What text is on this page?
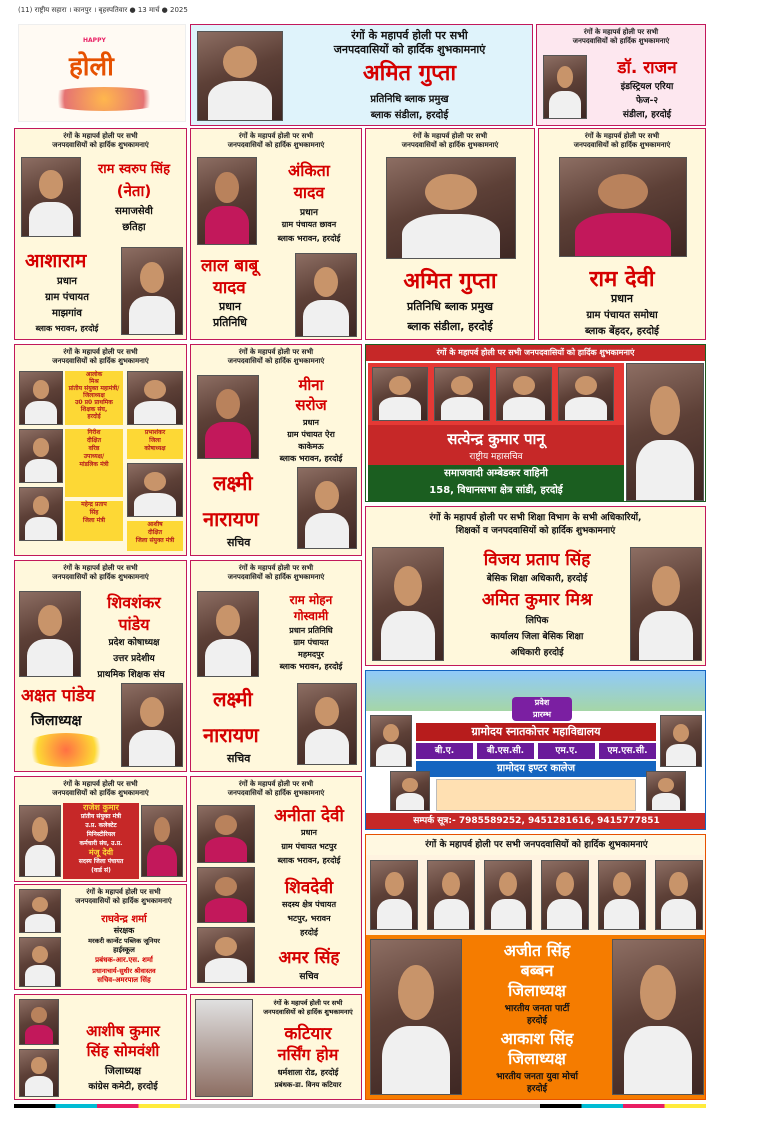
(11) राष्ट्रीय सहारा । कानपुर । बृहस्पतिवार ● 13 मार्च ● 2025
HAPPY
होली
रंगों के महापर्व होली पर सभी
जनपदवासियों को हार्दिक शुभकामनाएं
अमित गुप्ता
प्रतिनिधि ब्लाक प्रमुख
ब्लाक संडीला, हरदोई
रंगों के महापर्व होली पर सभी
जनपदवासियों को हार्दिक शुभकामनाएं
डॉ. राजन
इंडस्ट्रियल एरिया
फेज-२
संडीला, हरदोई
रंगों के महापर्व होली पर सभी
जनपदवासियों को हार्दिक शुभकामनाएं
राम स्वरुप सिंह
(नेता)
समाजसेवी
छतिहा
आशाराम
प्रधान
ग्राम पंचायत
माझगांव
ब्लाक भरावन, हरदोई
रंगों के महापर्व होली पर सभी
जनपदवासियों को हार्दिक शुभकामनाएं
अंकिता
यादव
प्रधान
ग्राम पंचायत छावन
ब्लाक भरावन, हरदोई
लाल बाबू
यादव
प्रधान
प्रतिनिधि
रंगों के महापर्व होली पर सभी
जनपदवासियों को हार्दिक शुभकामनाएं
अमित गुप्ता
प्रतिनिधि ब्लाक प्रमुख
ब्लाक संडीला, हरदोई
रंगों के महापर्व होली पर सभी
जनपदवासियों को हार्दिक शुभकामनाएं
राम देवी
प्रधान
ग्राम पंचायत समोधा
ब्लाक बेंहदर, हरदोई
रंगों के महापर्व होली पर सभी
जनपदवासियों को हार्दिक शुभकामनाएं
आलोक
मिश्र
प्रांतीय संयुक्त महामंत्री/
जिलाध्यक्ष
उ0 प्र0 प्राथमिक
शिक्षक संघ,
हरदोई
प्रभाशंकर
जिला
कोषाध्यक्ष
गिरीश
दीक्षित
वरिष्ठ
उपाध्यक्ष/
मांडलिक मंत्री
महेन्द्र प्रताप
सिंह
जिला मंत्री
आशीष
दीक्षित
जिला संयुक्त मंत्री
रंगों के महापर्व होली पर सभी
जनपदवासियों को हार्दिक शुभकामनाएं
मीना
सरोज
प्रधान
ग्राम पंचायत ऐरा
काकेमऊ
ब्लाक भरावन, हरदोई
लक्ष्मी
नारायण
सचिव
रंगों के महापर्व होली पर सभी जनपदवासियों को हार्दिक शुभकामनाएं
सत्येन्द्र कुमार पानू
राष्ट्रीय महासचिव
समाजवादी अम्बेडकर वाहिनी
158, विधानसभा क्षेत्र सांडी, हरदोई
रंगों के महापर्व होली पर सभी शिक्षा विभाग के सभी अधिकारियों,
शिक्षकों व जनपदवासियों को हार्दिक शुभकामनाएं
विजय प्रताप सिंह
बेसिक शिक्षा अधिकारी, हरदोई
अमित कुमार मिश्र
लिपिक
कार्यालय जिला बेसिक शिक्षा
अधिकारी हरदोई
रंगों के महापर्व होली पर सभी
जनपदवासियों को हार्दिक शुभकामनाएं
शिवशंकर
पांडेय
प्रदेश कोषाध्यक्ष
उत्तर प्रदेशीय
प्राथमिक शिक्षक संघ
अक्षत पांडेय
जिलाध्यक्ष
रंगों के महापर्व होली पर सभी
जनपदवासियों को हार्दिक शुभकामनाएं
राम मोहन
गोस्वामी
प्रधान प्रतिनिधि
ग्राम पंचायत
महमदपुर
ब्लाक भरावन, हरदोई
लक्ष्मी
नारायण
सचिव
प्रवेश
प्रारम्भ
ग्रामोदय स्नातकोत्तर महाविद्यालय
बी.ए.	बी.एस.सी.	एम.ए.	एम.एस.सी.
ग्रामोदय इण्टर कालेज
सम्पर्क सूत्र:- 7985589252, 9451281616, 9415777851
रंगों के महापर्व होली पर सभी
जनपदवासियों को हार्दिक शुभकामनाएं
राजेश कुमार
प्रांतीय संयुक्त मंत्री
उ.प्र. कलेक्टेट
मिनिस्टीरियल
कर्मचारी संघ, उ.प्र.
मंजू देवी
सदस्य जिला पंचायत
(वार्ड सं)
रंगों के महापर्व होली पर सभी
जनपदवासियों को हार्दिक शुभकामनाएं
अनीता देवी
प्रधान
ग्राम पंचायत भटपुर
ब्लाक भरावन, हरदोई
शिवदेवी
सदस्य क्षेत्र पंचायत
भटपुर, भरावन
हरदोई
अमर सिंह
सचिव
रंगों के महापर्व होली पर सभी जनपदवासियों को हार्दिक शुभकामनाएं
अजीत सिंह
बब्बन
जिलाध्यक्ष
भारतीय जनता पार्टी
हरदोई
आकाश सिंह
जिलाध्यक्ष
भारतीय जनता युवा मोर्चा
हरदोई
रंगों के महापर्व होली पर सभी
जनपदवासियों को हार्दिक शुभकामनाएं
राघवेन्द्र शर्मा
संरक्षक
मरकरी कान्वेंट पब्लिक जूनियर
हाईस्कूल
प्रबंधक-आर.एस. शर्मा
प्रधानाचार्य-सुधीर श्रीवास्तव
सचिव-अमरपाल सिंह
आशीष कुमार
सिंह सोमवंशी
जिलाध्यक्ष
कांग्रेस कमेटी, हरदोई
रंगों के महापर्व होली पर सभी
जनपदवासियों को हार्दिक शुभकामनाएं
कटियार
नर्सिंग होम
धर्मशाला रोड, हरदोई
प्रबंधक-डा. विनय कटियार
